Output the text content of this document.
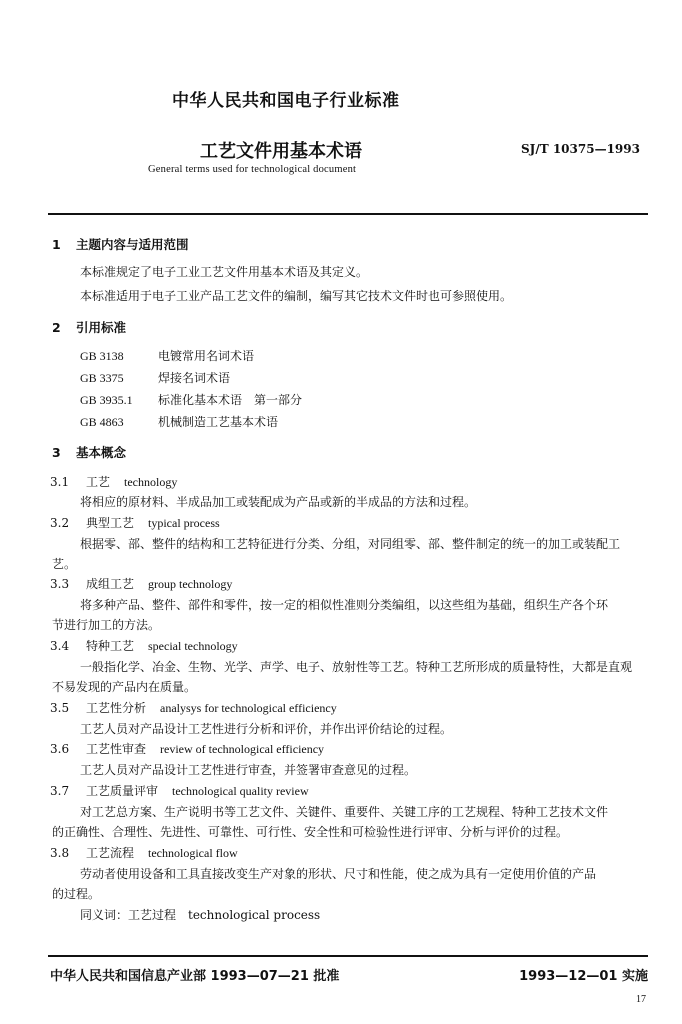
中华人民共和国电子行业标准
工艺文件用基本术语	SJ/T 10375—1993
General terms used for technological document
1 主题内容与适用范围
本标准规定了电子工业工艺文件用基本术语及其定义。
本标准适用于电子工业产品工艺文件的编制，编写其它技术文件时也可参照使用。
2 引用标准
GB 3138	电镀常用名词术语
GB 3375	焊接名词术语
GB 3935.1 标准化基本术语　第一部分
GB 4863	机械制造工艺基本术语
3 基本概念
3.1 工艺 technology
将相应的原材料、半成品加工或装配成为产品或新的半成品的方法和过程。
3.2 典型工艺 typical process
根据零、部、整件的结构和工艺特征进行分类、分组，对同组零、部、整件制定的统一的加工或装配工
艺。
3.3 成组工艺 group technology
将多种产品、整件、部件和零件，按一定的相似性准则分类编组，以这些组为基础，组织生产各个环
节进行加工的方法。
3.4 特种工艺 special technology
一般指化学、冶金、生物、光学、声学、电子、放射性等工艺。特种工艺所形成的质量特性，大都是直观
不易发现的产品内在质量。
3.5 工艺性分析 analysys for technological efficiency
工艺人员对产品设计工艺性进行分析和评价，并作出评价结论的过程。
3.6 工艺性审查 review of technological efficiency
工艺人员对产品设计工艺性进行审查，并签署审查意见的过程。
3.7 工艺质量评审 technological quality review
对工艺总方案、生产说明书等工艺文件、关键件、重要件、关键工序的工艺规程、特种工艺技术文件
的正确性、合理性、先进性、可靠性、可行性、安全性和可检验性进行评审、分析与评价的过程。
3.8 工艺流程 technological flow
劳动者使用设备和工具直接改变生产对象的形状、尺寸和性能，使之成为具有一定使用价值的产品
的过程。
同义词：工艺过程　technological process
中华人民共和国信息产业部 1993—07—21 批准	1993—12—01 实施
17
